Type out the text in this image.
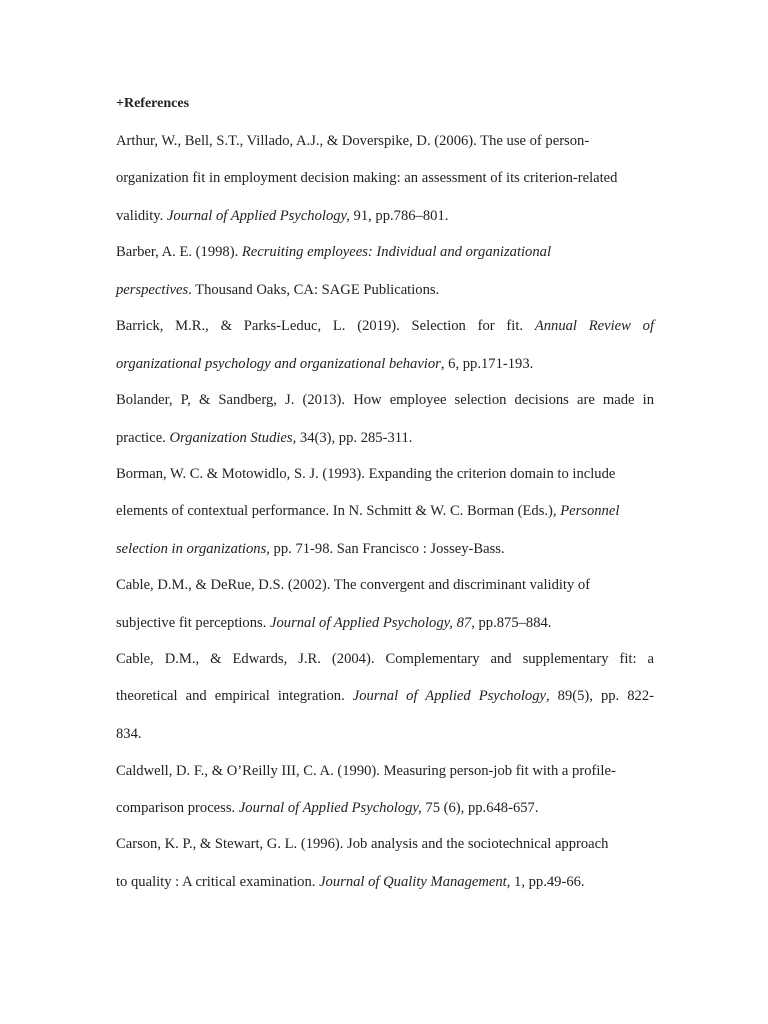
+References
Arthur, W., Bell, S.T., Villado, A.J., & Doverspike, D. (2006). The use of person-
organization fit in employment decision making: an assessment of its criterion-related
validity. Journal of Applied Psychology, 91, pp.786–801.
Barber, A. E. (1998). Recruiting employees: Individual and organizational
perspectives. Thousand Oaks, CA: SAGE Publications.
Barrick, M.R., & Parks-Leduc, L. (2019). Selection for fit. Annual Review of
organizational psychology and organizational behavior, 6, pp.171-193.
Bolander, P, & Sandberg, J. (2013). How employee selection decisions are made in
practice. Organization Studies, 34(3), pp. 285-311.
Borman, W. C. & Motowidlo, S. J. (1993). Expanding the criterion domain to include
elements of contextual performance. In N. Schmitt & W. C. Borman (Eds.), Personnel
selection in organizations, pp. 71-98. San Francisco : Jossey-Bass.
Cable, D.M., & DeRue, D.S. (2002). The convergent and discriminant validity of
subjective fit perceptions. Journal of Applied Psychology, 87, pp.875–884.
Cable, D.M., & Edwards, J.R. (2004). Complementary and supplementary fit: a
theoretical and empirical integration. Journal of Applied Psychology, 89(5), pp. 822-
834.
Caldwell, D. F., & O’Reilly III, C. A. (1990). Measuring person-job fit with a profile-
comparison process. Journal of Applied Psychology, 75 (6), pp.648-657.
Carson, K. P., & Stewart, G. L. (1996). Job analysis and the sociotechnical approach
to quality : A critical examination. Journal of Quality Management, 1, pp.49-66.
